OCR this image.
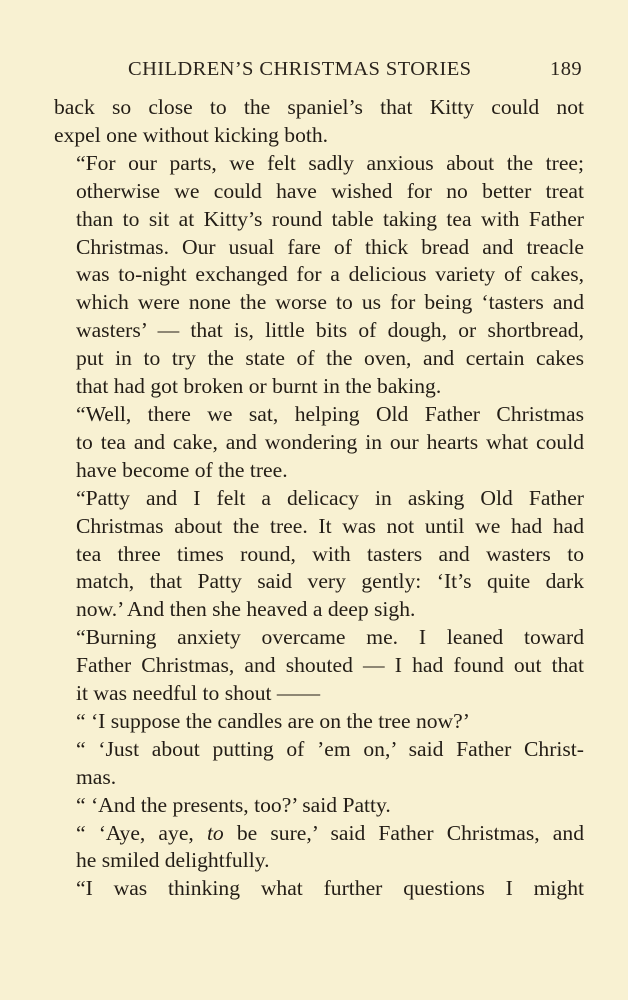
CHILDREN’S CHRISTMAS STORIES	189

back so close to the spaniel’s that Kitty could not
expel one without kicking both.

“For our parts, we felt sadly anxious about the tree;
otherwise we could have wished for no better treat
than to sit at Kitty’s round table taking tea with Father
Christmas. Our usual fare of thick bread and treacle
was to-night exchanged for a delicious variety of cakes,
which were none the worse to us for being ‘tasters and
wasters’ — that is, little bits of dough, or shortbread,
put in to try the state of the oven, and certain cakes
that had got broken or burnt in the baking.

“Well, there we sat, helping Old Father Christmas
to tea and cake, and wondering in our hearts what could
have become of the tree.

“Patty and I felt a delicacy in asking Old Father
Christmas about the tree. It was not until we had had
tea three times round, with tasters and wasters to
match, that Patty said very gently: ‘It’s quite dark
now.’ And then she heaved a deep sigh.

“Burning anxiety overcame me. I leaned toward
Father Christmas, and shouted — I had found out that
it was needful to shout ——

“ ‘I suppose the candles are on the tree now?’

“ ‘Just about putting of ’em on,’ said Father Christ-
mas.

“ ‘And the presents, too?’ said Patty.

“ ‘Aye, aye, to be sure,’ said Father Christmas, and
he smiled delightfully.

“I was thinking what further questions I might
